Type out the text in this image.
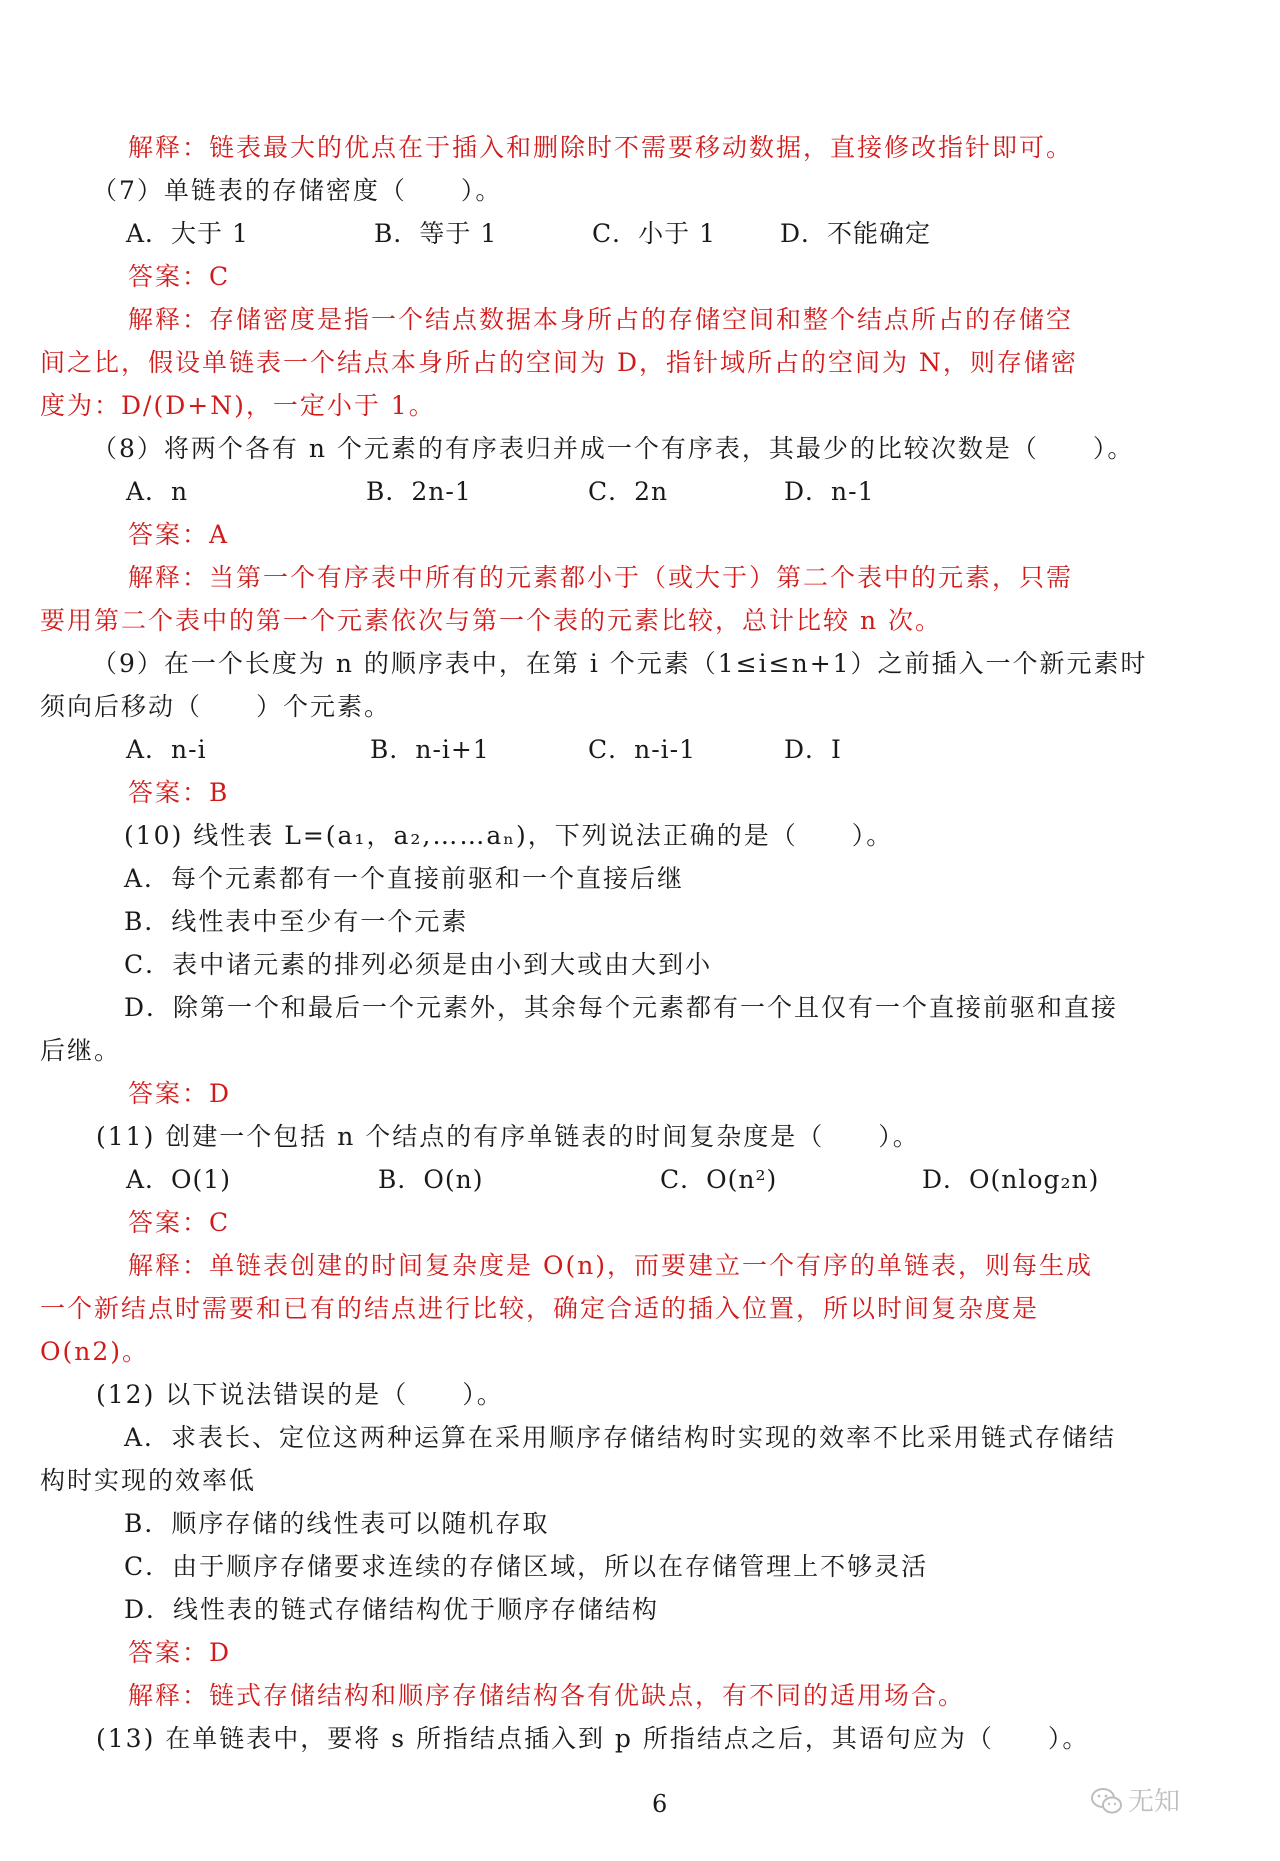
解释：链表最大的优点在于插入和删除时不需要移动数据，直接修改指针即可。
（7）单链表的存储密度（　　）。
A．大于 1	B．等于 1	C．小于 1	D．不能确定
答案：C
解释：存储密度是指一个结点数据本身所占的存储空间和整个结点所占的存储空
间之比，假设单链表一个结点本身所占的空间为 D，指针域所占的空间为 N，则存储密
度为：D/(D+N)，一定小于 1。
（8）将两个各有 n 个元素的有序表归并成一个有序表，其最少的比较次数是（　　）。
A．n	B．2n-1	C．2n	D．n-1
答案：A
解释：当第一个有序表中所有的元素都小于（或大于）第二个表中的元素，只需
要用第二个表中的第一个元素依次与第一个表的元素比较，总计比较 n 次。
（9）在一个长度为 n 的顺序表中，在第 i 个元素（1≤i≤n+1）之前插入一个新元素时
须向后移动（　　）个元素。
A．n-i	B．n-i+1	C．n-i-1	D．I
答案：B
(10) 线性表 L=(a₁，a₂,……aₙ)，下列说法正确的是（　　）。
A．每个元素都有一个直接前驱和一个直接后继
B．线性表中至少有一个元素
C．表中诸元素的排列必须是由小到大或由大到小
D．除第一个和最后一个元素外，其余每个元素都有一个且仅有一个直接前驱和直接
后继。
答案：D
(11) 创建一个包括 n 个结点的有序单链表的时间复杂度是（　　）。
A．O(1)	B．O(n)	C．O(n²)	D．O(nlog₂n)
答案：C
解释：单链表创建的时间复杂度是 O(n)，而要建立一个有序的单链表，则每生成
一个新结点时需要和已有的结点进行比较，确定合适的插入位置，所以时间复杂度是
O(n2)。
(12) 以下说法错误的是（　　）。
A．求表长、定位这两种运算在采用顺序存储结构时实现的效率不比采用链式存储结
构时实现的效率低
B．顺序存储的线性表可以随机存取
C．由于顺序存储要求连续的存储区域，所以在存储管理上不够灵活
D．线性表的链式存储结构优于顺序存储结构
答案：D
解释：链式存储结构和顺序存储结构各有优缺点，有不同的适用场合。
(13) 在单链表中，要将 s 所指结点插入到 p 所指结点之后，其语句应为（　　）。
6	无知
